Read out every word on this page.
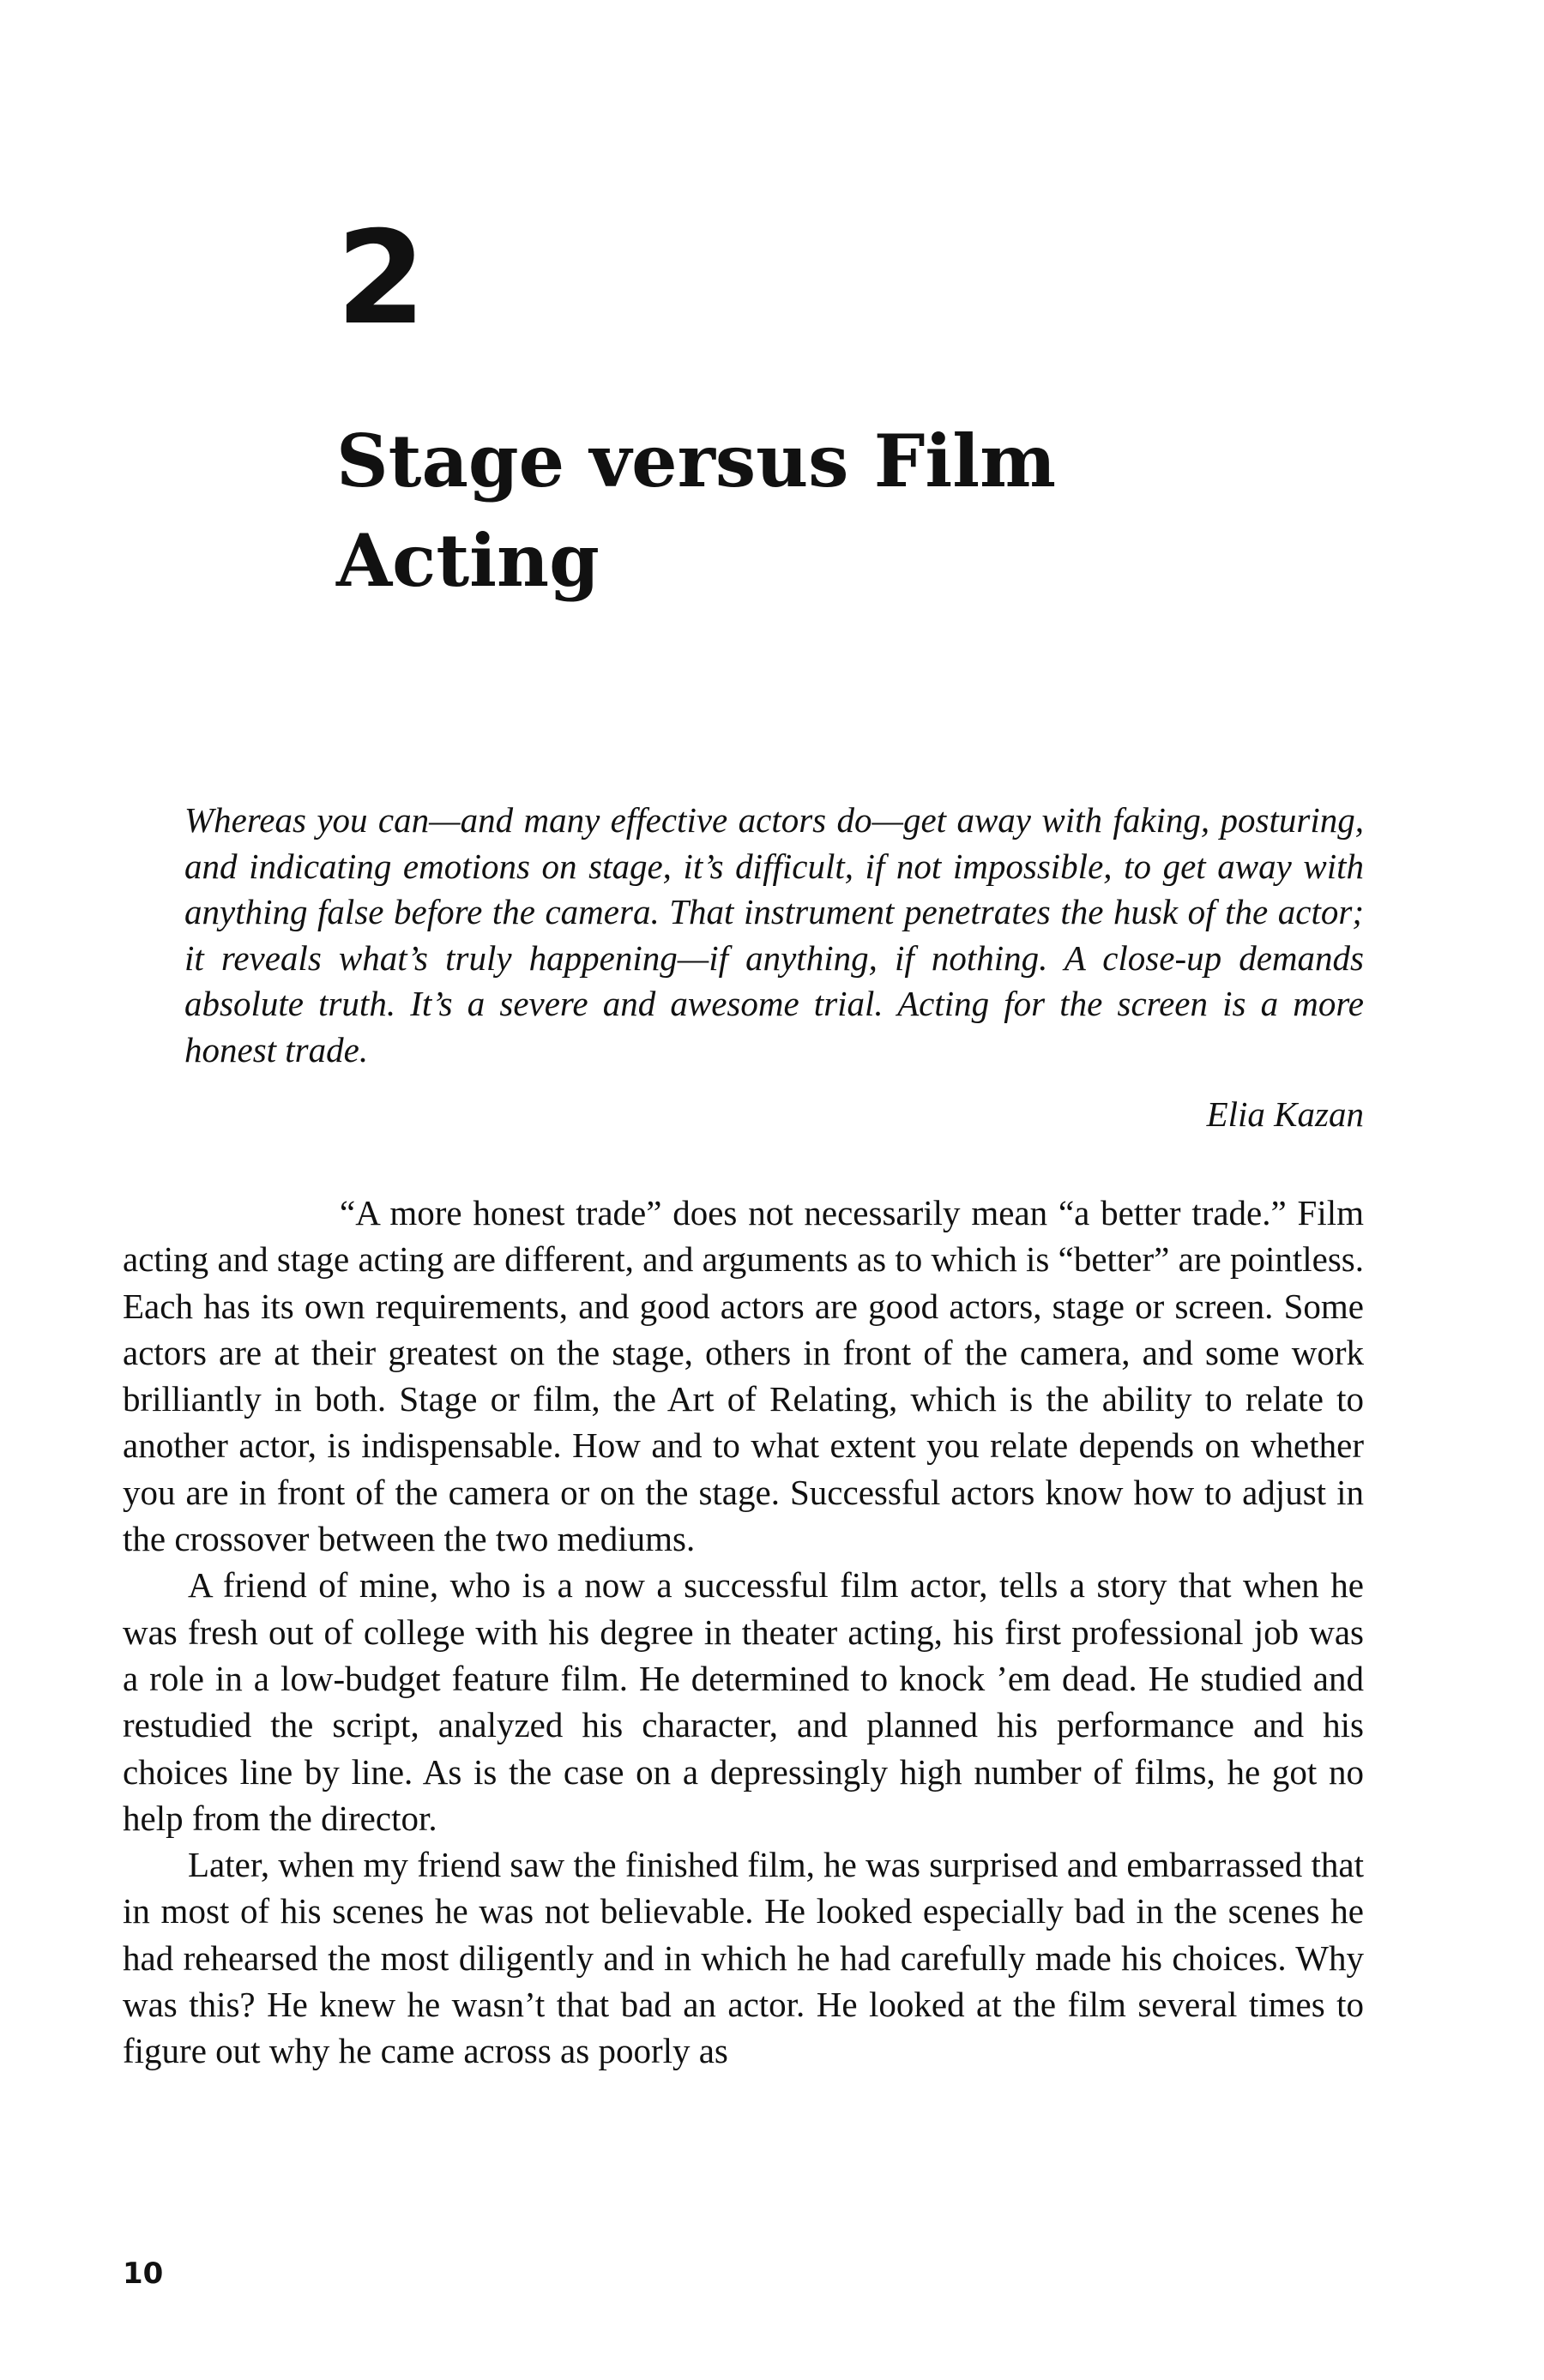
2
Stage versus Film
Acting

Whereas you can—and many effective actors do—get away with faking, posturing, and indicating emotions on stage, it’s difficult, if not impossible, to get away with anything false before the camera. That instrument penetrates the husk of the actor; it reveals what’s truly happening—if anything, if nothing. A close-up demands absolute truth. It’s a severe and awesome trial. Acting for the screen is a more honest trade.

Elia Kazan

“A more honest trade” does not necessarily mean “a better trade.” Film acting and stage acting are different, and arguments as to which is “better” are pointless. Each has its own requirements, and good actors are good actors, stage or screen. Some actors are at their greatest on the stage, others in front of the camera, and some work brilliantly in both. Stage or film, the Art of Relating, which is the ability to relate to another actor, is indispensable. How and to what extent you relate depends on whether you are in front of the camera or on the stage. Successful actors know how to adjust in the crossover between the two mediums.

A friend of mine, who is a now a successful film actor, tells a story that when he was fresh out of college with his degree in theater acting, his first professional job was a role in a low-budget feature film. He determined to knock ’em dead. He studied and restudied the script, analyzed his character, and planned his performance and his choices line by line. As is the case on a depressingly high number of films, he got no help from the director.

Later, when my friend saw the finished film, he was surprised and embarrassed that in most of his scenes he was not believable. He looked especially bad in the scenes he had rehearsed the most diligently and in which he had carefully made his choices. Why was this? He knew he wasn’t that bad an actor. He looked at the film several times to figure out why he came across as poorly as

10
